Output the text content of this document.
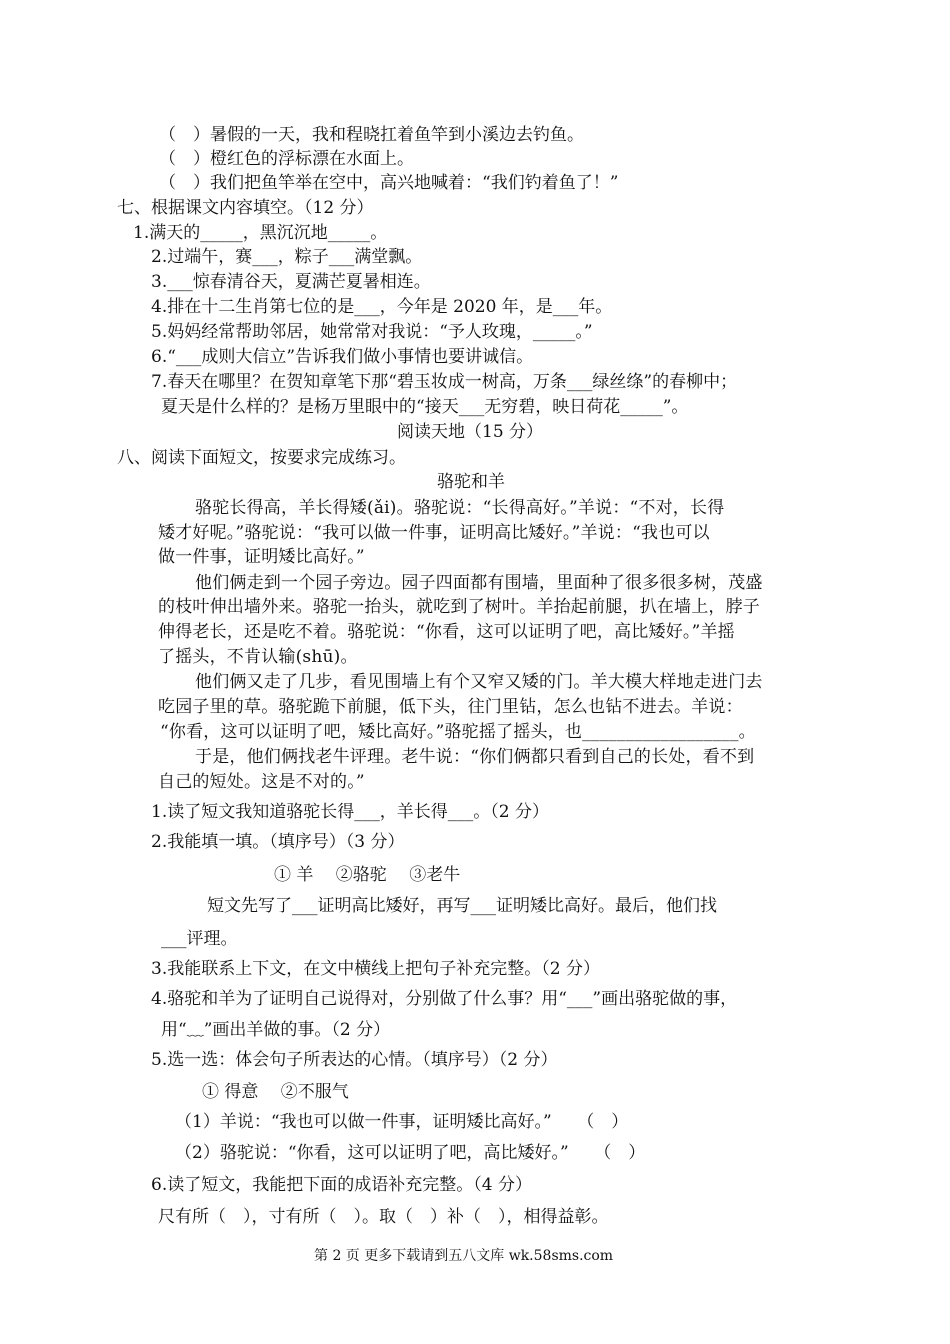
（　）暑假的一天，我和程晓扛着鱼竿到小溪边去钓鱼。
（　）橙红色的浮标漂在水面上。
（　）我们把鱼竿举在空中，高兴地喊着：“我们钓着鱼了！”
七、根据课文内容填空。（12 分）
1.满天的_____，黑沉沉地_____。
2.过端午，赛___，粽子___满堂飘。
3.___惊春清谷天，夏满芒夏暑相连。
4.排在十二生肖第七位的是___，今年是 2020 年，是___年。
5.妈妈经常帮助邻居，她常常对我说：“予人玫瑰，_____。”
6.“___成则大信立”告诉我们做小事情也要讲诚信。
7.春天在哪里？在贺知章笔下那“碧玉妆成一树高，万条___绿丝绦”的春柳中；
夏天是什么样的？是杨万里眼中的“接天___无穷碧，映日荷花_____”。
阅读天地（15 分）
八、阅读下面短文，按要求完成练习。
骆驼和羊
骆驼长得高，羊长得矮(ǎi)。骆驼说：“长得高好。”羊说：“不对，长得
矮才好呢。”骆驼说：“我可以做一件事，证明高比矮好。”羊说：“我也可以
做一件事，证明矮比高好。”
他们俩走到一个园子旁边。园子四面都有围墙，里面种了很多很多树，茂盛
的枝叶伸出墙外来。骆驼一抬头，就吃到了树叶。羊抬起前腿，扒在墙上，脖子
伸得老长，还是吃不着。骆驼说：“你看，这可以证明了吧，高比矮好。”羊摇
了摇头，不肯认输(shū)。
他们俩又走了几步，看见围墙上有个又窄又矮的门。羊大模大样地走进门去
吃园子里的草。骆驼跪下前腿，低下头，往门里钻，怎么也钻不进去。羊说：
“你看，这可以证明了吧，矮比高好。”骆驼摇了摇头，也__________________。
于是，他们俩找老牛评理。老牛说：“你们俩都只看到自己的长处，看不到
自己的短处。这是不对的。”
1.读了短文我知道骆驼长得___，羊长得___。（2 分）
2.我能填一填。（填序号）（3 分）
① 羊　 ②骆驼　 ③老牛
短文先写了___证明高比矮好，再写___证明矮比高好。最后，他们找
___评理。
3.我能联系上下文，在文中横线上把句子补充完整。（2 分）
4.骆驼和羊为了证明自己说得对，分别做了什么事？用“___”画出骆驼做的事，
用“﹏”画出羊做的事。（2 分）
5.选一选：体会句子所表达的心情。（填序号）（2 分）
① 得意　 ②不服气
（1）羊说：“我也可以做一件事，证明矮比高好。”　　（　）
（2）骆驼说：“你看，这可以证明了吧，高比矮好。”　　（　）
6.读了短文，我能把下面的成语补充完整。（4 分）
尺有所（　），寸有所（　）。取（　）补（　），相得益彰。
第 2 页 更多下载请到五八文库 wk.58sms.com
